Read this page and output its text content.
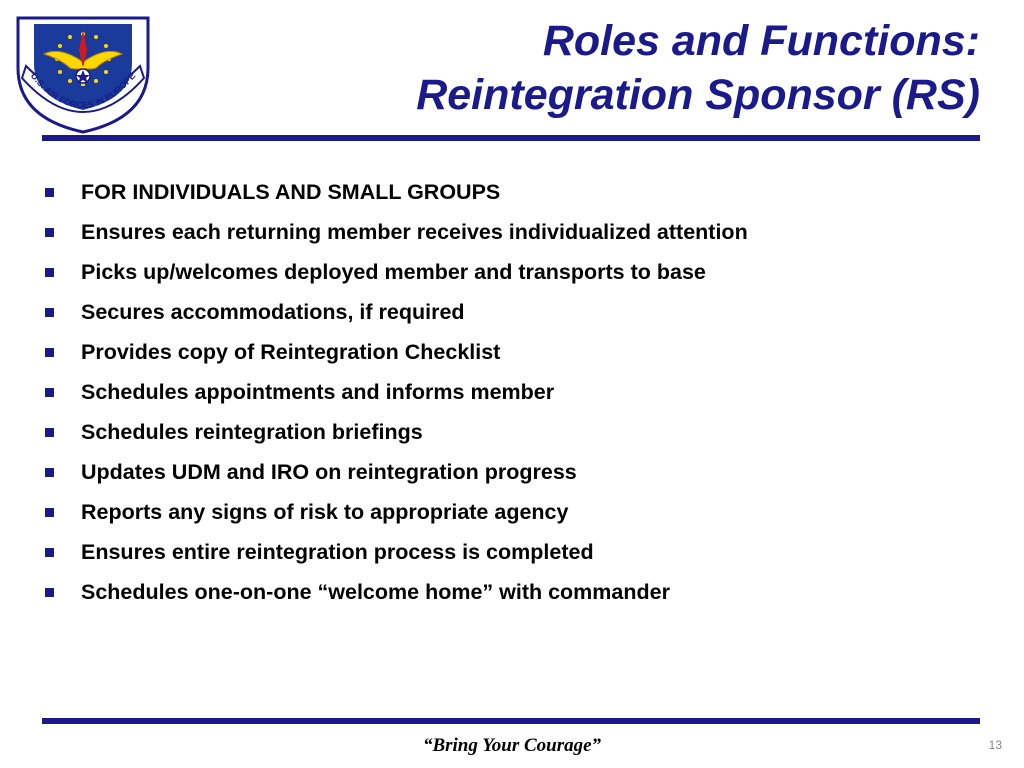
U.S. AIR FORCES IN EUROPE
Roles and Functions:
Reintegration Sponsor (RS)
FOR INDIVIDUALS AND SMALL GROUPS
Ensures each returning member receives individualized attention
Picks up/welcomes deployed member and transports to base
Secures accommodations, if required
Provides copy of Reintegration Checklist
Schedules appointments and informs member
Schedules reintegration briefings
Updates UDM and IRO on reintegration progress
Reports any signs of risk to appropriate agency
Ensures entire reintegration process is completed
Schedules one-on-one “welcome home” with commander
“Bring Your Courage”	13
